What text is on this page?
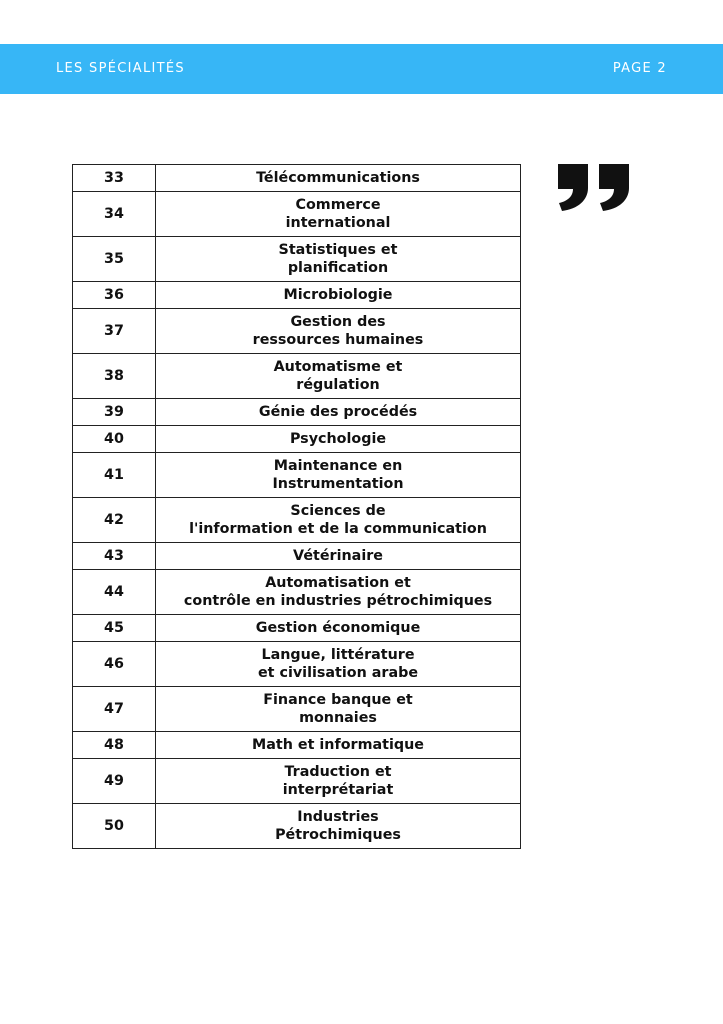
LES SPÉCIALITÉS	PAGE 2
33	Télécommunications

34	Commerce
international

35	Statistiques et
planification

36	Microbiologie

37	Gestion des
ressources humaines

38	Automatisme et
régulation

39	Génie des procédés

40	Psychologie

41	Maintenance en
Instrumentation

42	Sciences de
l'information et de la communication

43	Vétérinaire

44	Automatisation et
contrôle en industries pétrochimiques

45	Gestion économique

46	Langue, littérature
et civilisation arabe

47	Finance banque et
monnaies

48	Math et informatique

49	Traduction et
interprétariat

50	Industries
Pétrochimiques
